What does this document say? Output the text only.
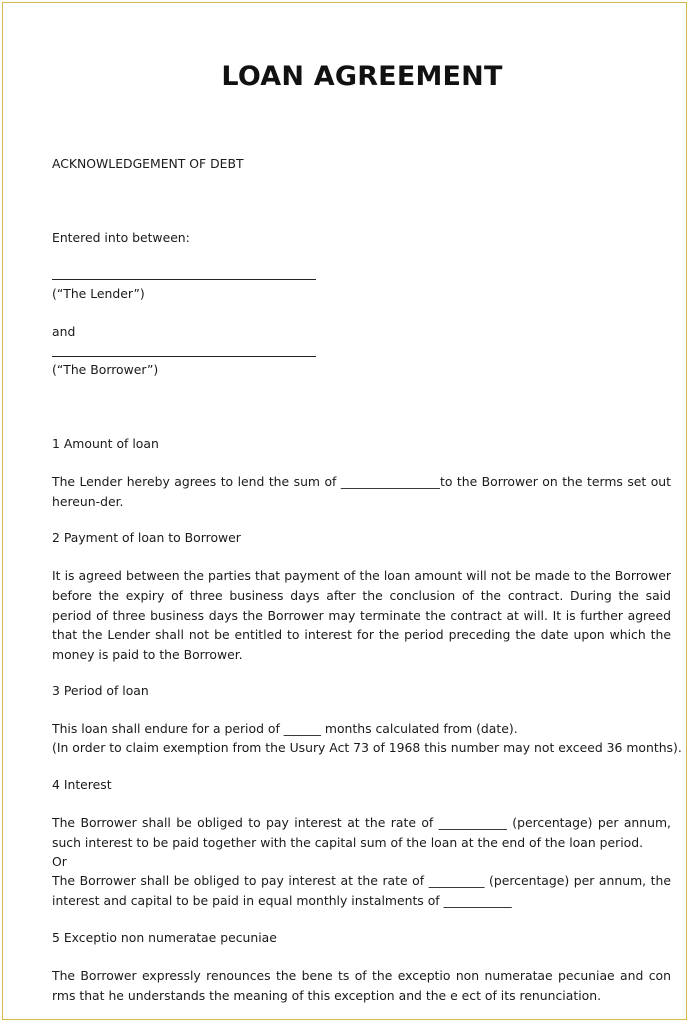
LOAN AGREEMENT
ACKNOWLEDGEMENT OF DEBT
Entered into between:
(“The Lender”)
and
(“The Borrower”)
1 Amount of loan
The Lender hereby agrees to lend the sum of ________________to the Borrower on the terms set out hereun-der.
2 Payment of loan to Borrower
It is agreed between the parties that payment of the loan amount will not be made to the Borrower before the expiry of three business days after the conclusion of the contract. During the said period of three business days the Borrower may terminate the contract at will. It is further agreed that the Lender shall not be entitled to interest for the period preceding the date upon which the money is paid to the Borrower.
3 Period of loan
This loan shall endure for a period of ______ months calculated from (date).
(In order to claim exemption from the Usury Act 73 of 1968 this number may not exceed 36 months).
4 Interest
The Borrower shall be obliged to pay interest at the rate of ___________ (percentage) per annum, such interest to be paid together with the capital sum of the loan at the end of the loan period.
Or
The Borrower shall be obliged to pay interest at the rate of _________ (percentage) per annum, the interest and capital to be paid in equal monthly instalments of ___________
5 Exceptio non numeratae pecuniae
The Borrower expressly renounces the bene ts of the exceptio non numeratae pecuniae and con rms that he understands the meaning of this exception and the e ect of its renunciation.
